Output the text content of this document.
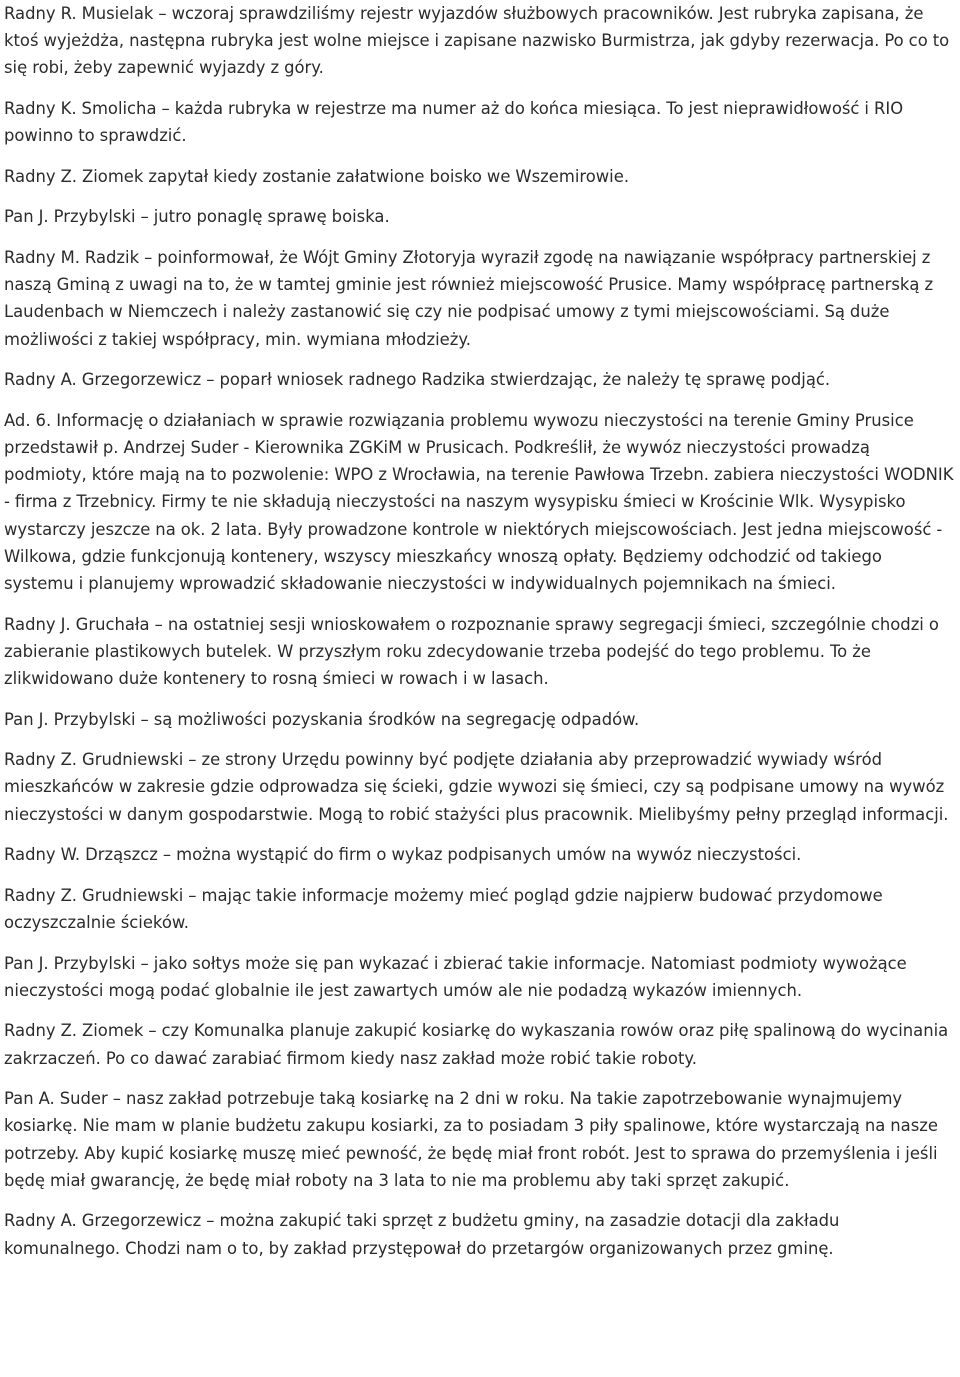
Radny R. Musielak – wczoraj sprawdziliśmy rejestr wyjazdów służbowych pracowników. Jest rubryka zapisana, że ktoś wyjeżdża, następna rubryka jest wolne miejsce i zapisane nazwisko Burmistrza, jak gdyby rezerwacja. Po co to się robi, żeby zapewnić wyjazdy z góry.

Radny K. Smolicha – każda rubryka w rejestrze ma numer aż do końca miesiąca. To jest nieprawidłowość i RIO powinno to sprawdzić.

Radny Z. Ziomek zapytał kiedy zostanie załatwione boisko we Wszemirowie.

Pan J. Przybylski – jutro ponaglę sprawę boiska.

Radny M. Radzik – poinformował, że Wójt Gminy Złotoryja wyraził zgodę na nawiązanie współpracy partnerskiej z naszą Gminą z uwagi na to, że w tamtej gminie jest również miejscowość Prusice. Mamy współpracę partnerską z Laudenbach w Niemczech i należy zastanowić się czy nie podpisać umowy z tymi miejscowościami. Są duże możliwości z takiej współpracy, min. wymiana młodzieży.

Radny A. Grzegorzewicz – poparł wniosek radnego Radzika stwierdzając, że należy tę sprawę podjąć.

Ad. 6. Informację o działaniach w sprawie rozwiązania problemu wywozu nieczystości na terenie Gminy Prusice przedstawił p. Andrzej Suder - Kierownika ZGKiM w Prusicach. Podkreślił, że wywóz nieczystości prowadzą podmioty, które mają na to pozwolenie: WPO z Wrocławia, na terenie Pawłowa Trzebn. zabiera nieczystości WODNIK - firma z Trzebnicy. Firmy te nie składują nieczystości na naszym wysypisku śmieci w Krościnie Wlk. Wysypisko wystarczy jeszcze na ok. 2 lata. Były prowadzone kontrole w niektórych miejscowościach. Jest jedna miejscowość - Wilkowa, gdzie funkcjonują kontenery, wszyscy mieszkańcy wnoszą opłaty. Będziemy odchodzić od takiego systemu i planujemy wprowadzić składowanie nieczystości w indywidualnych pojemnikach na śmieci.

Radny J. Gruchała – na ostatniej sesji wnioskowałem o rozpoznanie sprawy segregacji śmieci, szczególnie chodzi o zabieranie plastikowych butelek. W przyszłym roku zdecydowanie trzeba podejść do tego problemu. To że zlikwidowano duże kontenery to rosną śmieci w rowach i w lasach.

Pan J. Przybylski – są możliwości pozyskania środków na segregację odpadów.

Radny Z. Grudniewski – ze strony Urzędu powinny być podjęte działania aby przeprowadzić wywiady wśród mieszkańców w zakresie gdzie odprowadza się ścieki, gdzie wywozi się śmieci, czy są podpisane umowy na wywóz nieczystości w danym gospodarstwie. Mogą to robić stażyści plus pracownik. Mielibyśmy pełny przegląd informacji.

Radny W. Drząszcz – można wystąpić do firm o wykaz podpisanych umów na wywóz nieczystości.

Radny Z. Grudniewski – mając takie informacje możemy mieć pogląd gdzie najpierw budować przydomowe oczyszczalnie ścieków.

Pan J. Przybylski – jako sołtys może się pan wykazać i zbierać takie informacje. Natomiast podmioty wywożące nieczystości mogą podać globalnie ile jest zawartych umów ale nie podadzą wykazów imiennych.

Radny Z. Ziomek – czy Komunalka planuje zakupić kosiarkę do wykaszania rowów oraz piłę spalinową do wycinania zakrzaczeń. Po co dawać zarabiać firmom kiedy nasz zakład może robić takie roboty.

Pan A. Suder – nasz zakład potrzebuje taką kosiarkę na 2 dni w roku. Na takie zapotrzebowanie wynajmujemy kosiarkę. Nie mam w planie budżetu zakupu kosiarki, za to posiadam 3 piły spalinowe, które wystarczają na nasze potrzeby. Aby kupić kosiarkę muszę mieć pewność, że będę miał front robót. Jest to sprawa do przemyślenia i jeśli będę miał gwarancję, że będę miał roboty na 3 lata to nie ma problemu aby taki sprzęt zakupić.

Radny A. Grzegorzewicz – można zakupić taki sprzęt z budżetu gminy, na zasadzie dotacji dla zakładu komunalnego. Chodzi nam o to, by zakład przystępował do przetargów organizowanych przez gminę.
